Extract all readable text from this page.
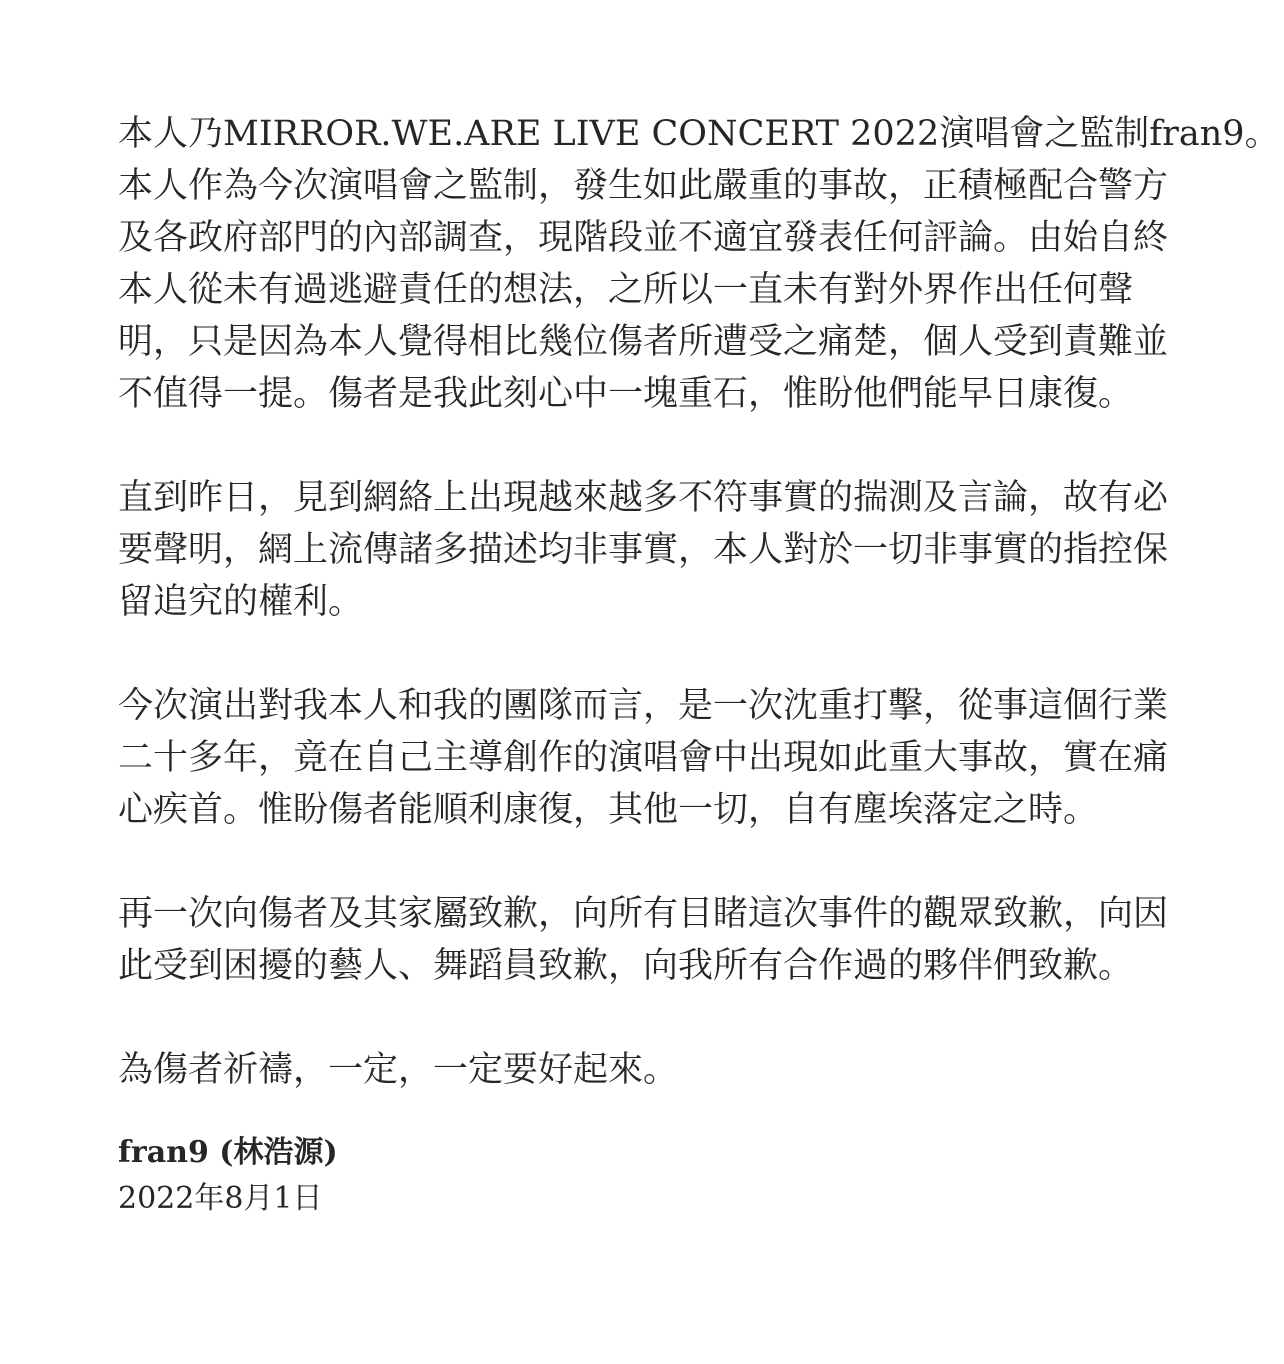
本人乃MIRROR.WE.ARE LIVE CONCERT 2022演唱會之監制fran9。
本人作為今次演唱會之監制，發生如此嚴重的事故，正積極配合警方
及各政府部門的內部調查，現階段並不適宜發表任何評論。由始自終
本人從未有過逃避責任的想法，之所以一直未有對外界作出任何聲
明，只是因為本人覺得相比幾位傷者所遭受之痛楚，個人受到責難並
不值得一提。傷者是我此刻心中一塊重石，惟盼他們能早日康復。
直到昨日，見到網絡上出現越來越多不符事實的揣測及言論，故有必
要聲明，網上流傳諸多描述均非事實，本人對於一切非事實的指控保
留追究的權利。
今次演出對我本人和我的團隊而言，是一次沈重打擊，從事這個行業
二十多年，竟在自己主導創作的演唱會中出現如此重大事故，實在痛
心疾首。惟盼傷者能順利康復，其他一切，自有塵埃落定之時。
再一次向傷者及其家屬致歉，向所有目睹這次事件的觀眾致歉，向因
此受到困擾的藝人、舞蹈員致歉，向我所有合作過的夥伴們致歉。
為傷者祈禱，一定，一定要好起來。
fran9 (林浩源)
2022年8月1日
